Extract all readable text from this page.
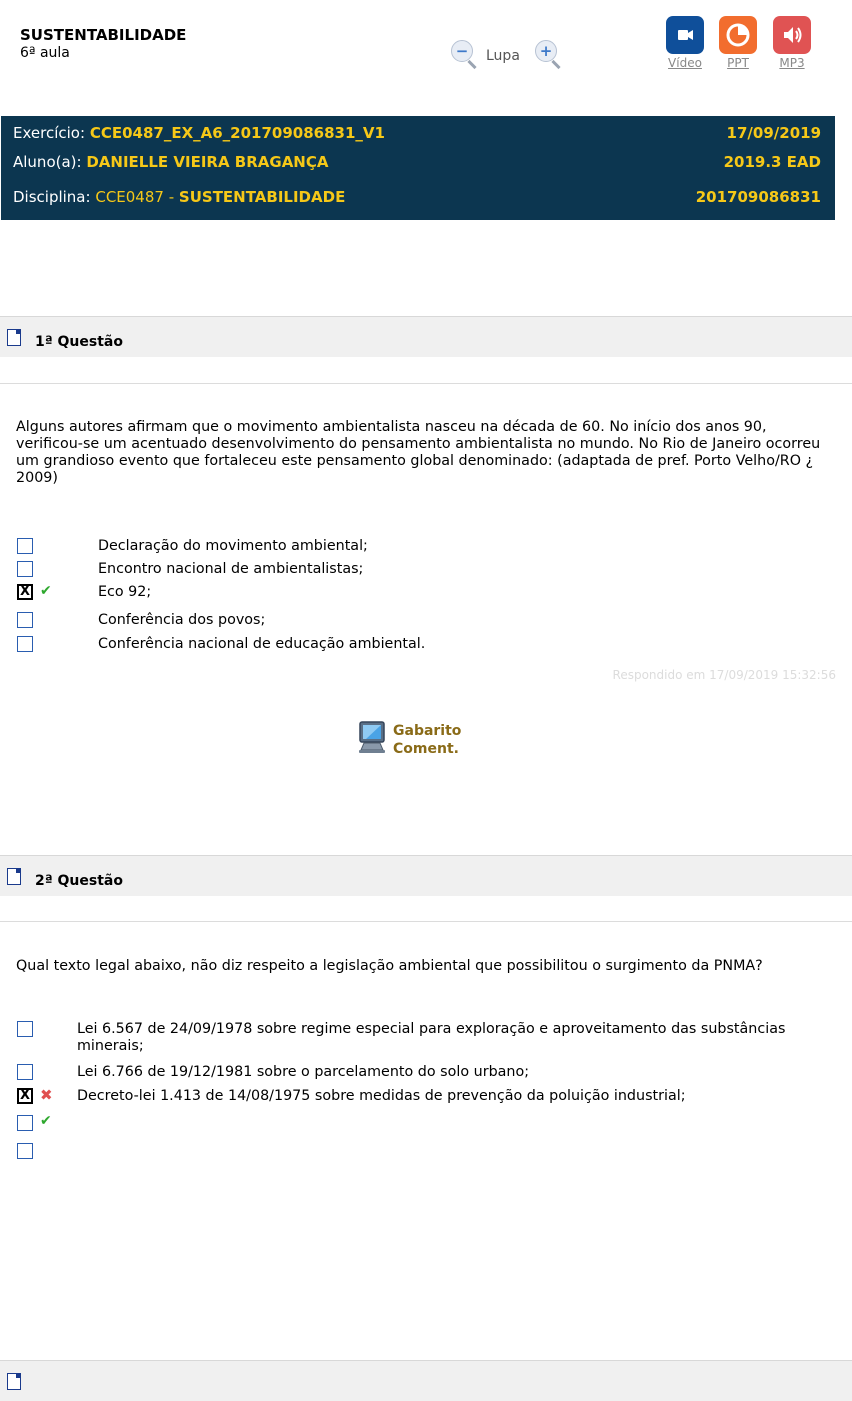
SUSTENTABILIDADE
6ª aula	− Lupa +
Vídeo	PPT	MP3
Exercício: CCE0487_EX_A6_201709086831_V1	17/09/2019
Aluno(a): DANIELLE VIEIRA BRAGANÇA	2019.3 EAD
Disciplina: CCE0487 - SUSTENTABILIDADE	201709086831
1ª Questão
Alguns autores afirmam que o movimento ambientalista nasceu na década de 60. No início dos anos 90, verificou-se um acentuado desenvolvimento do pensamento ambientalista no mundo. No Rio de Janeiro ocorreu um grandioso evento que fortaleceu este pensamento global denominado: (adaptada de pref. Porto Velho/RO ¿ 2009)
Declaração do movimento ambiental;
Encontro nacional de ambientalistas;
X ✔	Eco 92;
Conferência dos povos;
Conferência nacional de educação ambiental.
Respondido em 17/09/2019 15:32:56
Gabarito
Coment.
2ª Questão
Qual texto legal abaixo, não diz respeito a legislação ambiental que possibilitou o surgimento da PNMA?
Lei 6.567 de 24/09/1978 sobre regime especial para exploração e aproveitamento das substâncias minerais;
Lei 6.766 de 19/12/1981 sobre o parcelamento do solo urbano;
X ✖ Decreto-lei 1.413 de 14/08/1975 sobre medidas de prevenção da poluição industrial;
✔
